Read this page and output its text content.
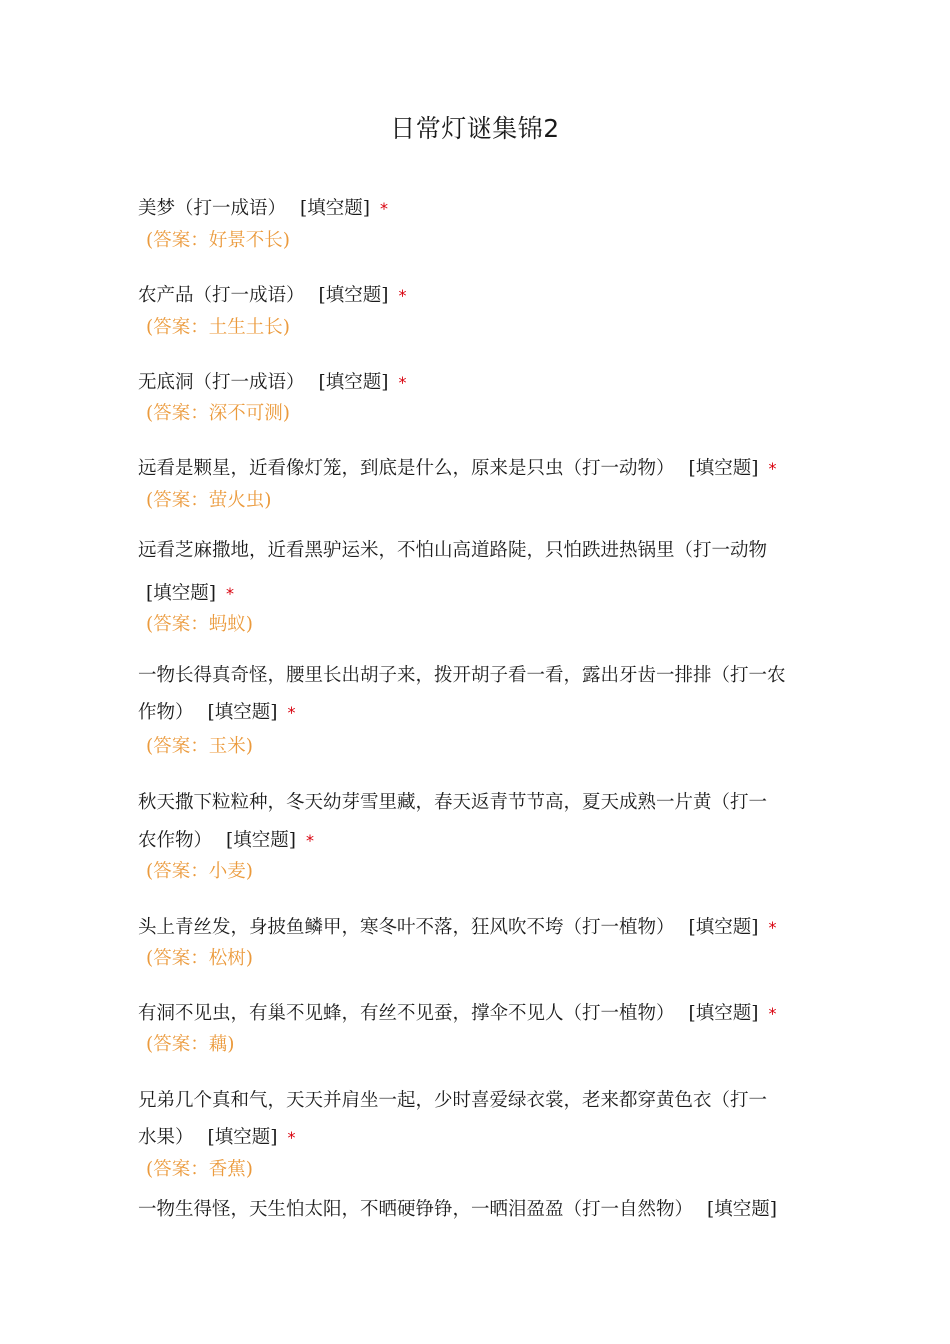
日常灯谜集锦2
美梦（打一成语） [填空题] *
(答案：好景不长)
农产品（打一成语） [填空题] *
(答案：土生土长)
无底洞（打一成语） [填空题] *
(答案：深不可测)
远看是颗星，近看像灯笼，到底是什么，原来是只虫（打一动物） [填空题] *
(答案：萤火虫)
远看芝麻撒地，近看黑驴运米，不怕山高道路陡，只怕跌进热锅里（打一动物
[填空题] *
(答案：蚂蚁)
一物长得真奇怪，腰里长出胡子来，拨开胡子看一看，露出牙齿一排排（打一农
作物） [填空题] *
(答案：玉米)
秋天撒下粒粒种，冬天幼芽雪里藏，春天返青节节高，夏天成熟一片黄（打一
农作物） [填空题] *
(答案：小麦)
头上青丝发，身披鱼鳞甲，寒冬叶不落，狂风吹不垮（打一植物） [填空题] *
(答案：松树)
有洞不见虫，有巢不见蜂，有丝不见蚕，撑伞不见人（打一植物） [填空题] *
(答案：藕)
兄弟几个真和气，天天并肩坐一起，少时喜爱绿衣裳，老来都穿黄色衣（打一
水果） [填空题] *
(答案：香蕉)
一物生得怪，天生怕太阳，不晒硬铮铮，一晒泪盈盈（打一自然物） [填空题]
